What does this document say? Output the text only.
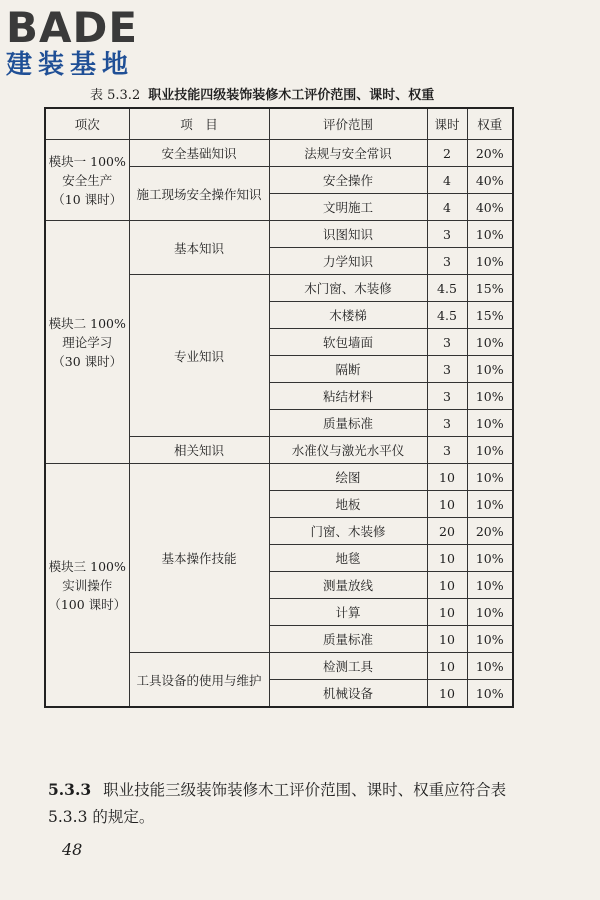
BADE
建装基地
表 5.3.2 职业技能四级装饰装修木工评价范围、课时、权重
项次	项　目	评价范围	课时	权重

模块一 100%
安全生产
（10 课时）	安全基础知识	法规与安全常识	2	20%
	施工现场安全操作知识	安全操作	4	40%
		文明施工	4	40%

模块二 100%
理论学习
（30 课时）	基本知识	识图知识	3	10%
		力学知识	3	10%
	专业知识	木门窗、木装修	4.5	15%
		木楼梯	4.5	15%
		软包墙面	3	10%
		隔断	3	10%
		粘结材料	3	10%
		质量标准	3	10%
	相关知识	水准仪与激光水平仪	3	10%

模块三 100%
实训操作
（100 课时）	基本操作技能	绘图	10	10%
		地板	10	10%
		门窗、木装修	20	20%
		地毯	10	10%
		测量放线	10	10%
		计算	10	10%
		质量标准	10	10%
	工具设备的使用与维护	检测工具	10	10%
		机械设备	10	10%
5.3.3 职业技能三级装饰装修木工评价范围、课时、权重应符合表 5.3.3 的规定。
48
